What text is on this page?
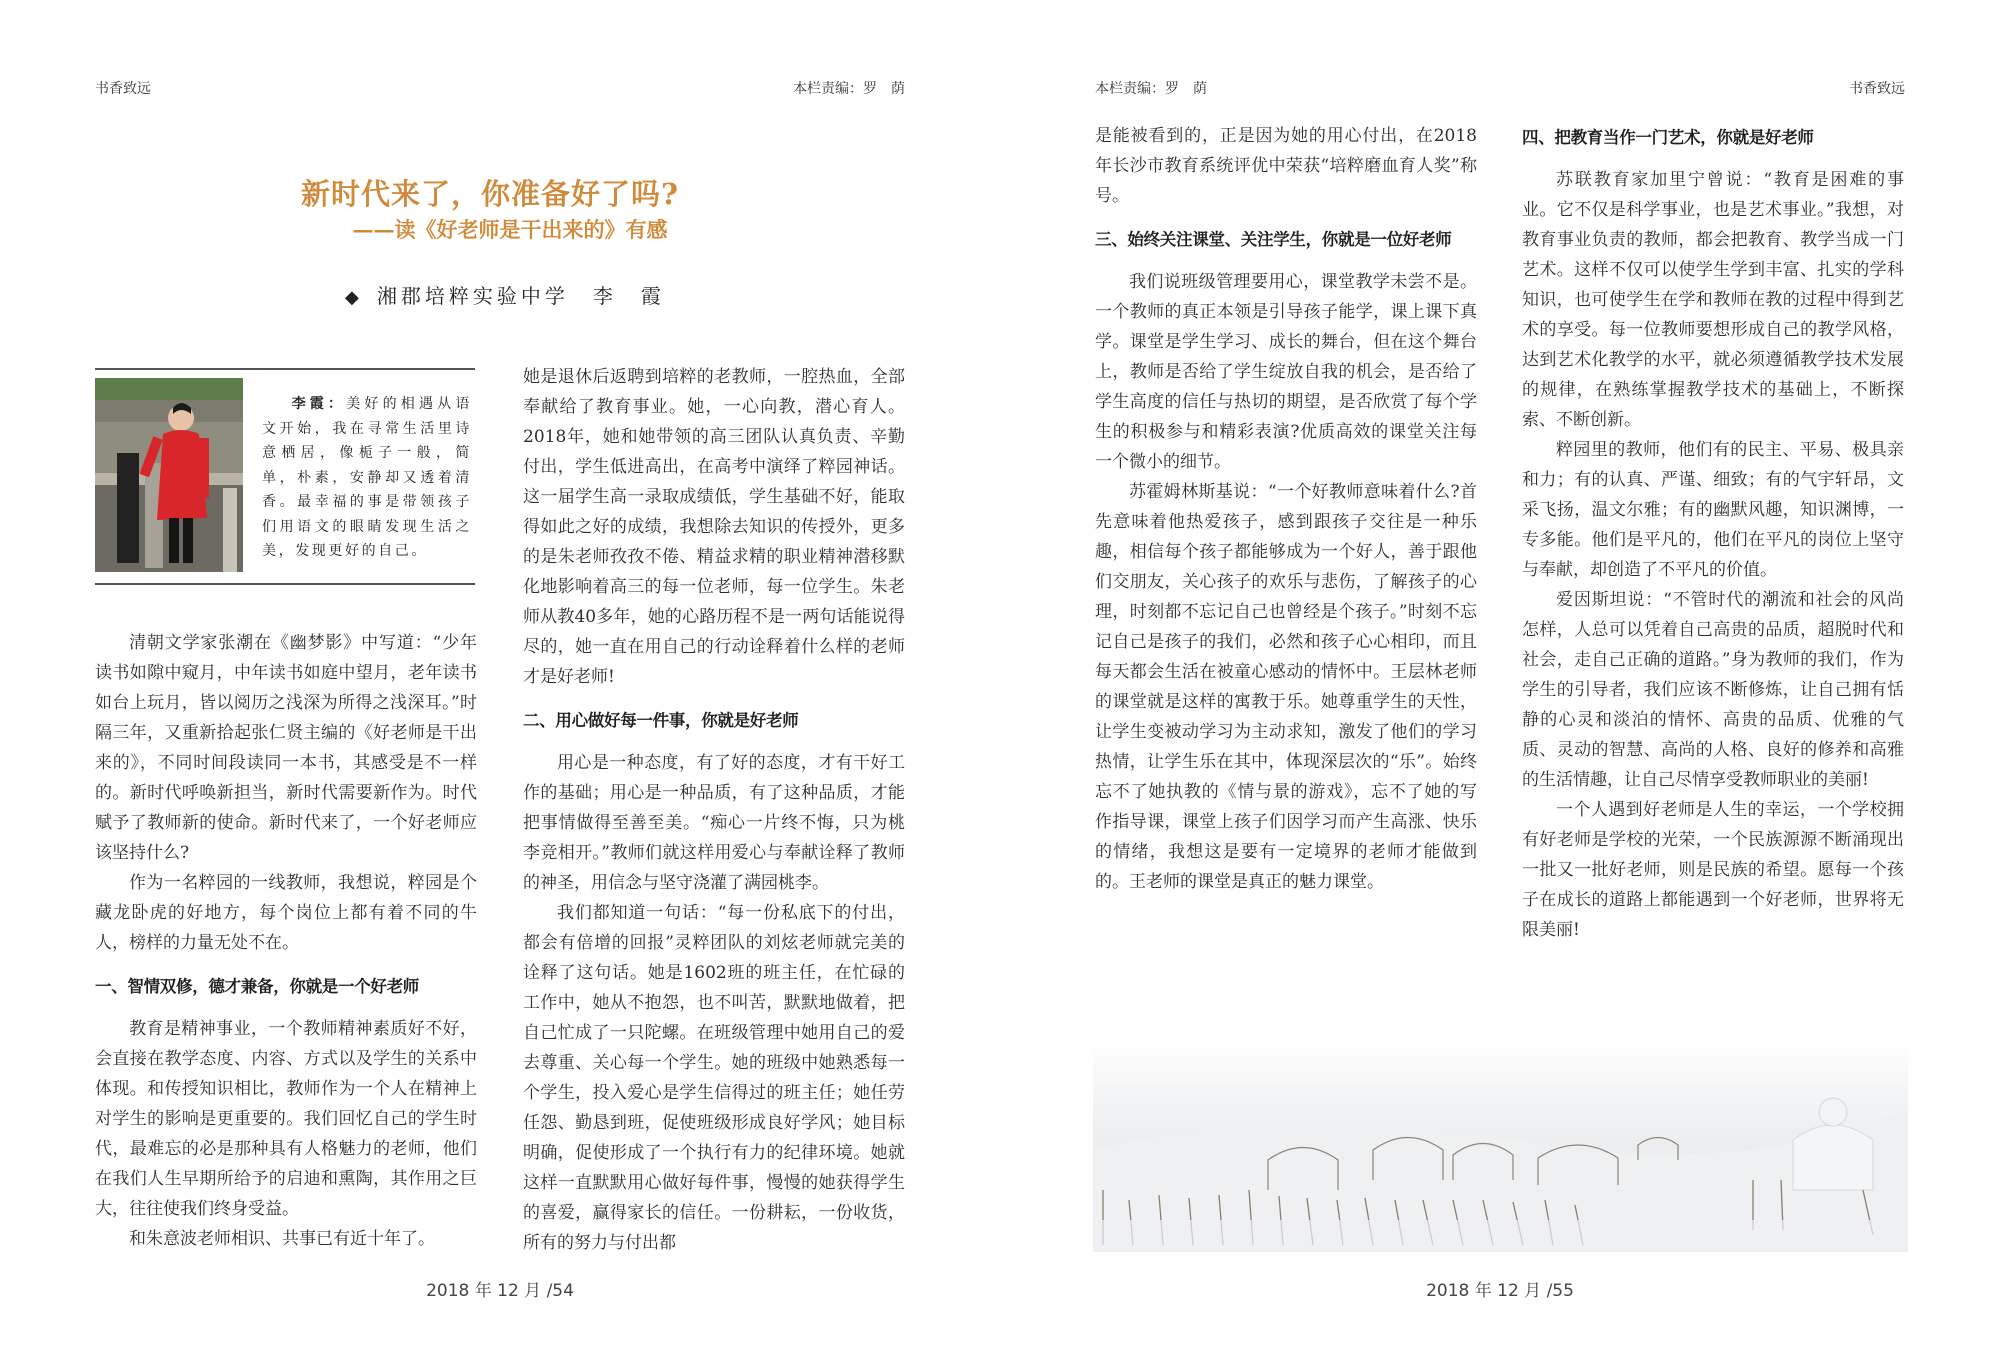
书香致远	本栏责编：罗　荫
新时代来了，你准备好了吗?
——读《好老师是干出来的》有感
◆ 湘郡培粹实验中学　李　霞
李霞：美好的相遇从语文开始，我在寻常生活里诗意栖居，像栀子一般，简单，朴素，安静却又透着清香。最幸福的事是带领孩子们用语文的眼睛发现生活之美，发现更好的自己。

清朝文学家张潮在《幽梦影》中写道：“少年读书如隙中窥月，中年读书如庭中望月，老年读书如台上玩月，皆以阅历之浅深为所得之浅深耳。”时隔三年，又重新拾起张仁贤主编的《好老师是干出来的》，不同时间段读同一本书，其感受是不一样的。新时代呼唤新担当，新时代需要新作为。时代赋予了教师新的使命。新时代来了，一个好老师应该坚持什么?

作为一名粹园的一线教师，我想说，粹园是个藏龙卧虎的好地方，每个岗位上都有着不同的牛人，榜样的力量无处不在。

一、智情双修，德才兼备，你就是一个好老师

教育是精神事业，一个教师精神素质好不好，会直接在教学态度、内容、方式以及学生的关系中体现。和传授知识相比，教师作为一个人在精神上对学生的影响是更重要的。我们回忆自己的学生时代，最难忘的必是那种具有人格魅力的老师，他们在我们人生早期所给予的启迪和熏陶，其作用之巨大，往往使我们终身受益。

和朱意波老师相识、共事已有近十年了。

她是退休后返聘到培粹的老教师，一腔热血，全部奉献给了教育事业。她，一心向教，潜心育人。2018年，她和她带领的高三团队认真负责、辛勤付出，学生低进高出，在高考中演绎了粹园神话。这一届学生高一录取成绩低，学生基础不好，能取得如此之好的成绩，我想除去知识的传授外，更多的是朱老师孜孜不倦、精益求精的职业精神潜移默化地影响着高三的每一位老师，每一位学生。朱老师从教40多年，她的心路历程不是一两句话能说得尽的，她一直在用自己的行动诠释着什么样的老师才是好老师!

二、用心做好每一件事，你就是好老师

用心是一种态度，有了好的态度，才有干好工作的基础；用心是一种品质，有了这种品质，才能把事情做得至善至美。“痴心一片终不悔，只为桃李竞相开。”教师们就这样用爱心与奉献诠释了教师的神圣，用信念与坚守浇灌了满园桃李。

我们都知道一句话：“每一份私底下的付出，都会有倍增的回报”灵粹团队的刘炫老师就完美的诠释了这句话。她是1602班的班主任，在忙碌的工作中，她从不抱怨，也不叫苦，默默地做着，把自己忙成了一只陀螺。在班级管理中她用自己的爱去尊重、关心每一个学生。她的班级中她熟悉每一个学生，投入爱心是学生信得过的班主任；她任劳任怨、勤恳到班，促使班级形成良好学风；她目标明确，促使形成了一个执行有力的纪律环境。她就这样一直默默用心做好每件事，慢慢的她获得学生的喜爱，赢得家长的信任。一份耕耘，一份收货，所有的努力与付出都

2018 年 12 月 /54
本栏责编：罗　荫	书香致远

是能被看到的，正是因为她的用心付出，在2018年长沙市教育系统评优中荣获“培粹磨血育人奖”称号。

三、始终关注课堂、关注学生，你就是一位好老师

我们说班级管理要用心，课堂教学未尝不是。一个教师的真正本领是引导孩子能学，课上课下真学。课堂是学生学习、成长的舞台，但在这个舞台上，教师是否给了学生绽放自我的机会，是否给了学生高度的信任与热切的期望，是否欣赏了每个学生的积极参与和精彩表演?优质高效的课堂关注每一个微小的细节。

苏霍姆林斯基说：“一个好教师意味着什么?首先意味着他热爱孩子，感到跟孩子交往是一种乐趣，相信每个孩子都能够成为一个好人，善于跟他们交朋友，关心孩子的欢乐与悲伤，了解孩子的心理，时刻都不忘记自己也曾经是个孩子。”时刻不忘记自己是孩子的我们，必然和孩子心心相印，而且每天都会生活在被童心感动的情怀中。王层林老师的课堂就是这样的寓教于乐。她尊重学生的天性，让学生变被动学习为主动求知，激发了他们的学习热情，让学生乐在其中，体现深层次的“乐”。始终忘不了她执教的《情与景的游戏》，忘不了她的写作指导课，课堂上孩子们因学习而产生高涨、快乐的情绪，我想这是要有一定境界的老师才能做到的。王老师的课堂是真正的魅力课堂。

四、把教育当作一门艺术，你就是好老师

苏联教育家加里宁曾说：“教育是困难的事业。它不仅是科学事业，也是艺术事业。”我想，对教育事业负责的教师，都会把教育、教学当成一门艺术。这样不仅可以使学生学到丰富、扎实的学科知识，也可使学生在学和教师在教的过程中得到艺术的享受。每一位教师要想形成自己的教学风格，达到艺术化教学的水平，就必须遵循教学技术发展的规律，在熟练掌握教学技术的基础上，不断探索、不断创新。

粹园里的教师，他们有的民主、平易、极具亲和力；有的认真、严谨、细致；有的气宇轩昂，文采飞扬，温文尔雅；有的幽默风趣，知识渊博，一专多能。他们是平凡的，他们在平凡的岗位上坚守与奉献，却创造了不平凡的价值。

爱因斯坦说：“不管时代的潮流和社会的风尚怎样，人总可以凭着自己高贵的品质，超脱时代和社会，走自己正确的道路。”身为教师的我们，作为学生的引导者，我们应该不断修炼，让自己拥有恬静的心灵和淡泊的情怀、高贵的品质、优雅的气质、灵动的智慧、高尚的人格、良好的修养和高雅的生活情趣，让自己尽情享受教师职业的美丽!

一个人遇到好老师是人生的幸运，一个学校拥有好老师是学校的光荣，一个民族源源不断涌现出一批又一批好老师，则是民族的希望。愿每一个孩子在成长的道路上都能遇到一个好老师，世界将无限美丽!

2018 年 12 月 /55
